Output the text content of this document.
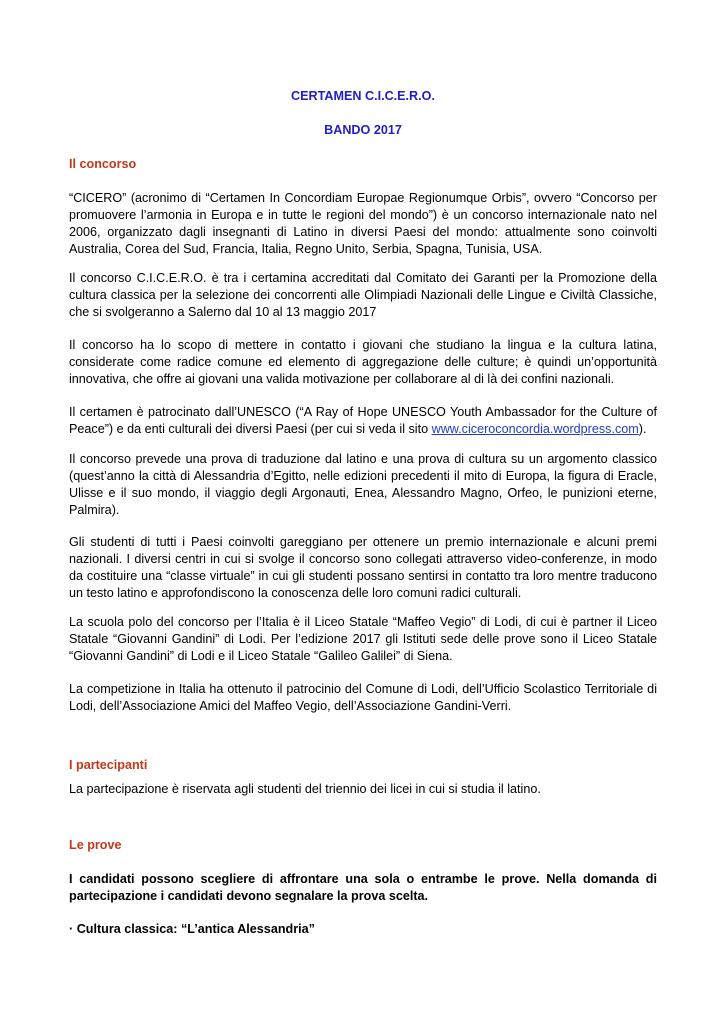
CERTAMEN C.I.C.E.R.O.
BANDO 2017
Il concorso

“CICERO” (acronimo di “Certamen In Concordiam Europae Regionumque Orbis”, ovvero “Concorso per promuovere l’armonia in Europa e in tutte le regioni del mondo”) è un concorso internazionale nato nel 2006, organizzato dagli insegnanti di Latino in diversi Paesi del mondo: attualmente sono coinvolti Australia, Corea del Sud, Francia, Italia, Regno Unito, Serbia, Spagna, Tunisia, USA.

Il concorso C.I.C.E.R.O. è tra i certamina accreditati dal Comitato dei Garanti per la Promozione della cultura classica per la selezione dei concorrenti alle Olimpiadi Nazionali delle Lingue e Civiltà Classiche, che si svolgeranno a Salerno dal 10 al 13 maggio 2017

Il concorso ha lo scopo di mettere in contatto i giovani che studiano la lingua e la cultura latina, considerate come radice comune ed elemento di aggregazione delle culture; è quindi un’opportunità innovativa, che offre ai giovani una valida motivazione per collaborare al di là dei confini nazionali.

Il certamen è patrocinato dall’UNESCO (“A Ray of Hope UNESCO Youth Ambassador for the Culture of Peace”) e da enti culturali dei diversi Paesi (per cui si veda il sito www.ciceroconcordia.wordpress.com).

Il concorso prevede una prova di traduzione dal latino e una prova di cultura su un argomento classico (quest’anno la città di Alessandria d’Egitto, nelle edizioni precedenti il mito di Europa, la figura di Eracle, Ulisse e il suo mondo, il viaggio degli Argonauti, Enea, Alessandro Magno, Orfeo, le punizioni eterne, Palmira).

Gli studenti di tutti i Paesi coinvolti gareggiano per ottenere un premio internazionale e alcuni premi nazionali. I diversi centri in cui si svolge il concorso sono collegati attraverso video-conferenze, in modo da costituire una “classe virtuale” in cui gli studenti possano sentirsi in contatto tra loro mentre traducono un testo latino e approfondiscono la conoscenza delle loro comuni radici culturali.

La scuola polo del concorso per l’Italia è il Liceo Statale “Maffeo Vegio” di Lodi, di cui è partner il Liceo Statale “Giovanni Gandini” di Lodi. Per l’edizione 2017 gli Istituti sede delle prove sono il Liceo Statale “Giovanni Gandini” di Lodi e il Liceo Statale “Galileo Galilei” di Siena.

La competizione in Italia ha ottenuto il patrocinio del Comune di Lodi, dell’Ufficio Scolastico Territoriale di Lodi, dell’Associazione Amici del Maffeo Vegio, dell’Associazione Gandini-Verri.

I partecipanti

La partecipazione è riservata agli studenti del triennio dei licei in cui si studia il latino.

Le prove

I candidati possono scegliere di affrontare una sola o entrambe le prove. Nella domanda di partecipazione i candidati devono segnalare la prova scelta.

· Cultura classica: “L’antica Alessandria”
